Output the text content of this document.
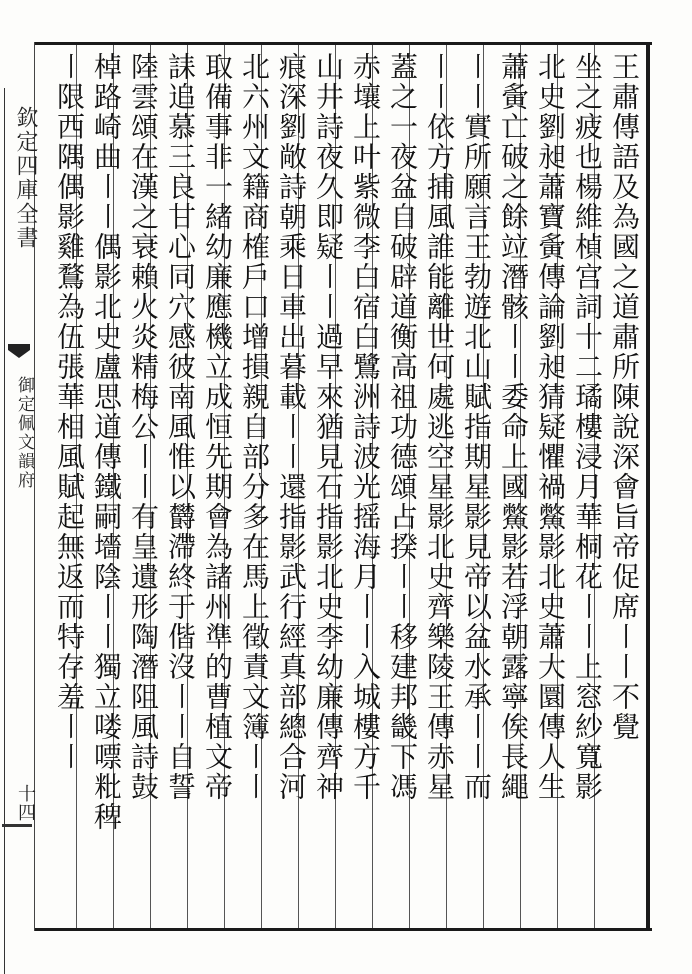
欽定四庫全書
御定佩文韻府
十四
王肅傳語及為國之道肅所陳說深會旨帝促席〡〡不覺
坐之疲也楊維楨宫詞十二璚樓浸月華桐花〡〡上窓紗寬影
北史劉昶蕭寶夤傳論劉昶猜疑懼禍鱉影北史蕭大圜傳人生
蕭夤亡破之餘竝潛骸〡〡委命上國鱉影若浮朝露寧俟長繩
〡〡實所願言王勃遊北山賦指期星影見帝以盆水承〡〡而
〡〡依方捕風誰能離世何處逃空星影北史齊樂陵王傳赤星
蓋之一夜盆自破辟道衡高祖功德頌占揆〡〡移建邦畿下馮
赤壤上叶紫微李白宿白鷺洲詩波光摇海月〡〡入城樓方千
山井詩夜久即疑〡〡過早來猶見石指影北史李幼廉傳齊神
痕深劉敞詩朝乘日車出暮載〡〡還指影武行經真部總合河
北六州文籍商榷戶口增損親自部分多在馬上徵責文簿〡〡
取備事非一緒幼廉應機立成恒先期會為諸州準的曹植文帝
誄追慕三良甘心同穴感彼南風惟以欝滯終于偕沒〡〡自誓
陸雲頌在漢之衰賴火炎精梅公〡〡有皇遺形陶潛阻風詩鼓
棹路崎曲〡〡偶影北史盧思道傳鐵嗣墻陰〡〡獨立喽嘌粃稗
〡限西隅偶影雞鶩為伍張華相風賦起無返而特存羞〡〡
